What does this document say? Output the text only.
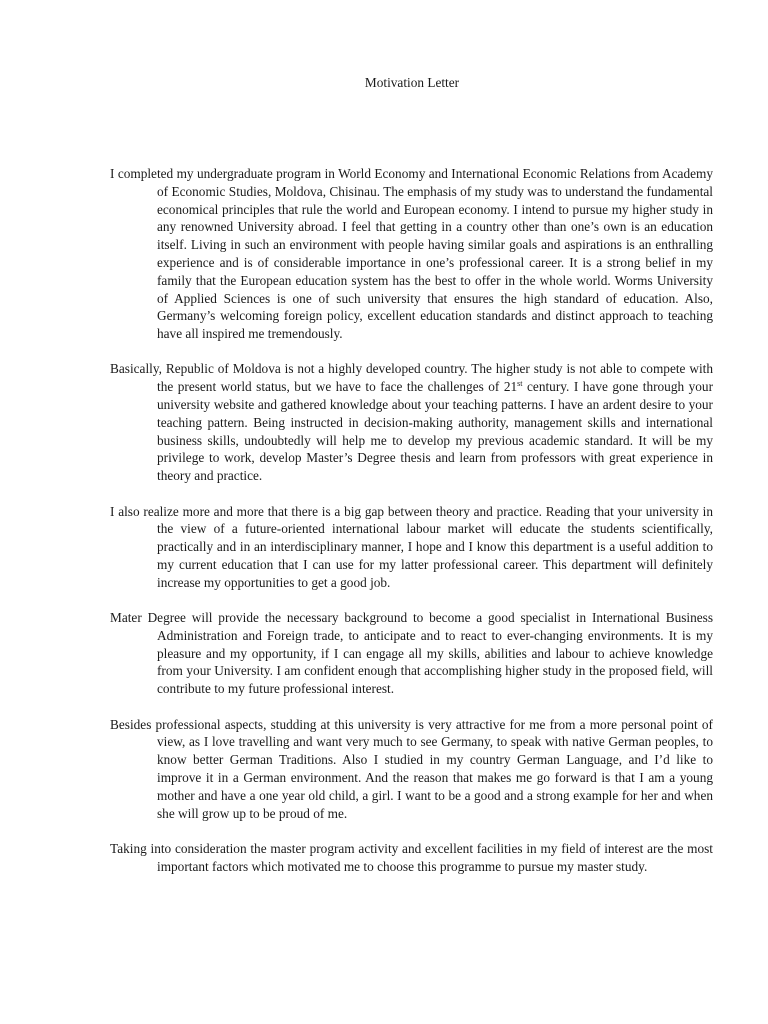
Motivation Letter

I completed my undergraduate program in World Economy and International Economic Relations from Academy of Economic Studies, Moldova, Chisinau. The emphasis of my study was to understand the fundamental economical principles that rule the world and European economy. I intend to pursue my higher study in any renowned University abroad. I feel that getting in a country other than one’s own is an education itself. Living in such an environment with people having similar goals and aspirations is an enthralling experience and is of considerable importance in one’s professional career. It is a strong belief in my family that the European education system has the best to offer in the whole world. Worms University of Applied Sciences is one of such university that ensures the high standard of education. Also, Germany’s welcoming foreign policy, excellent education standards and distinct approach to teaching have all inspired me tremendously.

Basically, Republic of Moldova is not a highly developed country. The higher study is not able to compete with the present world status, but we have to face the challenges of 21st century. I have gone through your university website and gathered knowledge about your teaching patterns. I have an ardent desire to your teaching pattern. Being instructed in decision-making authority, management skills and international business skills, undoubtedly will help me to develop my previous academic standard. It will be my privilege to work, develop Master’s Degree thesis and learn from professors with great experience in theory and practice.

I also realize more and more that there is a big gap between theory and practice. Reading that your university in the view of a future-oriented international labour market will educate the students scientifically, practically and in an interdisciplinary manner, I hope and I know this department is a useful addition to my current education that I can use for my latter professional career. This department will definitely increase my opportunities to get a good job.

Mater Degree will provide the necessary background to become a good specialist in International Business Administration and Foreign trade, to anticipate and to react to ever-changing environments. It is my pleasure and my opportunity, if I can engage all my skills, abilities and labour to achieve knowledge from your University. I am confident enough that accomplishing higher study in the proposed field, will contribute to my future professional interest.

Besides professional aspects, studding at this university is very attractive for me from a more personal point of view, as I love travelling and want very much to see Germany, to speak with native German peoples, to know better German Traditions. Also I studied in my country German Language, and I’d like to improve it in a German environment. And the reason that makes me go forward is that I am a young mother and have a one year old child, a girl. I want to be a good and a strong example for her and when she will grow up to be proud of me.

Taking into consideration the master program activity and excellent facilities in my field of interest are the most important factors which motivated me to choose this programme to pursue my master study.
